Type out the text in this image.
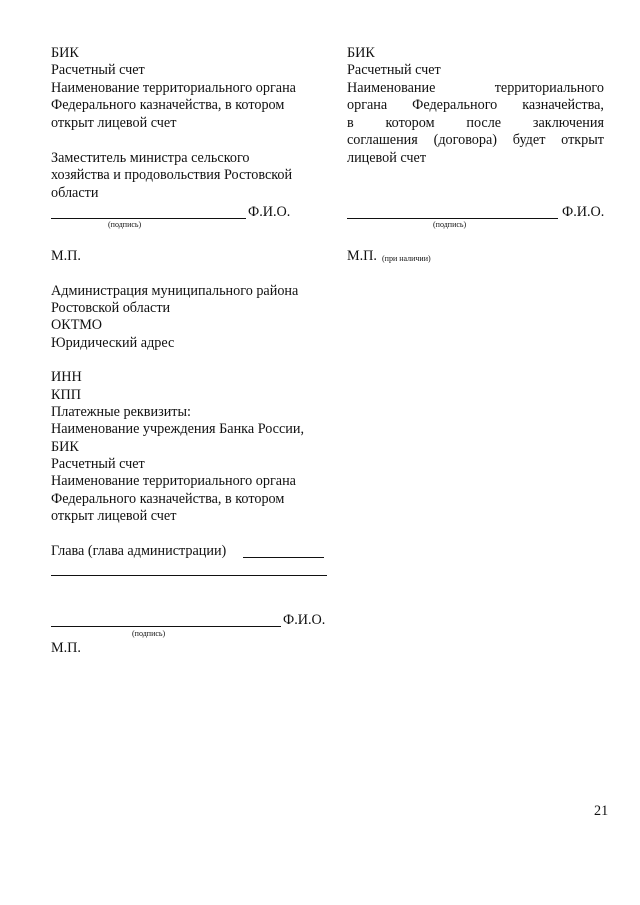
БИК
Расчетный счет
Наименование территориального органа
Федерального казначейства, в котором
открыт лицевой счет
Заместитель министра сельского
хозяйства и продовольствия Ростовской
области
Ф.И.О.
(подпись)
М.П.
Администрация муниципального района
Ростовской области
ОКТМО
Юридический адрес
ИНН
КПП
Платежные реквизиты:
Наименование учреждения Банка России,
БИК
Расчетный счет
Наименование территориального органа
Федерального казначейства, в котором
открыт лицевой счет
Глава (глава администрации)
Ф.И.О.
(подпись)
М.П.
БИК
Расчетный счет
Наименование	территориального
органа Федерального казначейства,
в котором после заключения
соглашения (договора) будет открыт
лицевой счет
Ф.И.О.
(подпись)
М.П. (при наличии)
21
